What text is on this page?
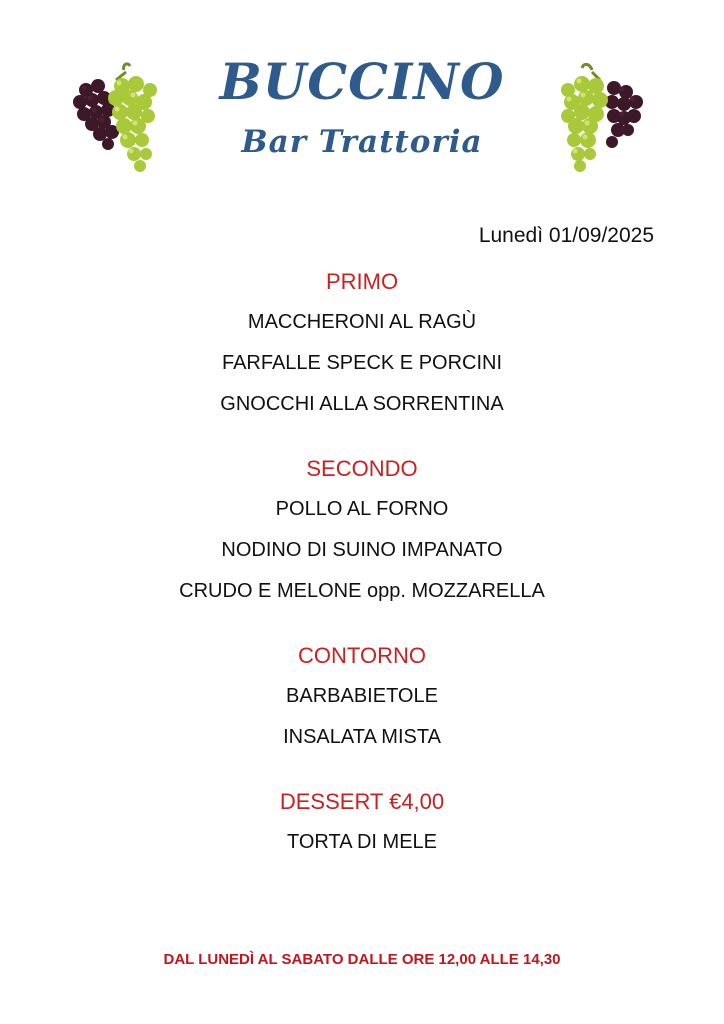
BUCCINO
Bar Trattoria
Lunedì 01/09/2025
PRIMO
MACCHERONI AL RAGÙ
FARFALLE SPECK E PORCINI
GNOCCHI ALLA SORRENTINA
SECONDO
POLLO AL FORNO
NODINO DI SUINO IMPANATO
CRUDO E MELONE opp. MOZZARELLA
CONTORNO
BARBABIETOLE
INSALATA MISTA
DESSERT €4,00
TORTA DI MELE
DAL LUNEDÌ AL SABATO DALLE ORE 12,00 ALLE 14,30
